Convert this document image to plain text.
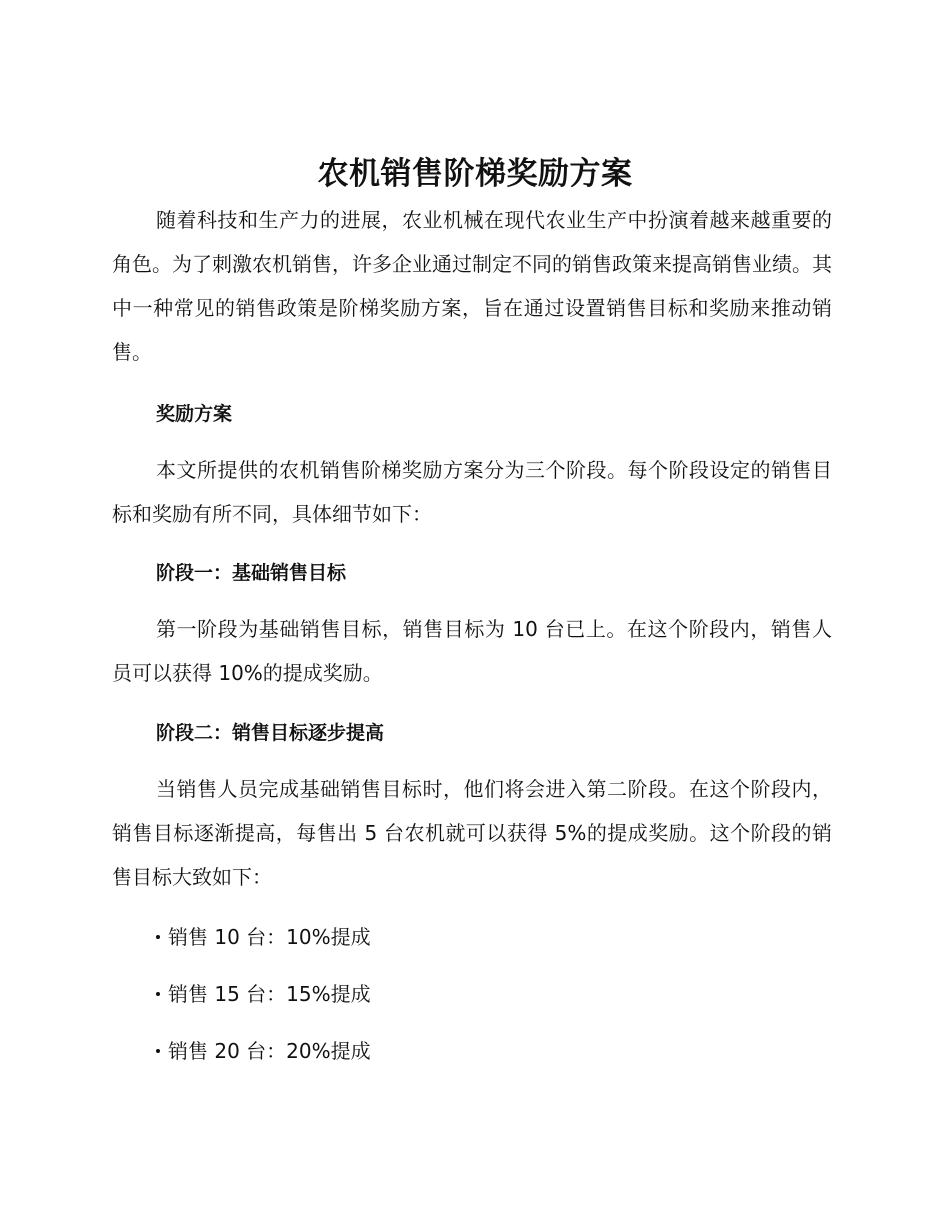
农机销售阶梯奖励方案

随着科技和生产力的进展，农业机械在现代农业生产中扮演着越来越重要的角色。为了刺激农机销售，许多企业通过制定不同的销售政策来提高销售业绩。其中一种常见的销售政策是阶梯奖励方案，旨在通过设置销售目标和奖励来推动销售。

奖励方案

本文所提供的农机销售阶梯奖励方案分为三个阶段。每个阶段设定的销售目标和奖励有所不同，具体细节如下：

阶段一：基础销售目标

第一阶段为基础销售目标，销售目标为 10 台已上。在这个阶段内，销售人员可以获得 10%的提成奖励。

阶段二：销售目标逐步提高

当销售人员完成基础销售目标时，他们将会进入第二阶段。在这个阶段内，销售目标逐渐提高，每售出 5 台农机就可以获得 5%的提成奖励。这个阶段的销售目标大致如下：

销售 10 台：10%提成
销售 15 台：15%提成
销售 20 台：20%提成
